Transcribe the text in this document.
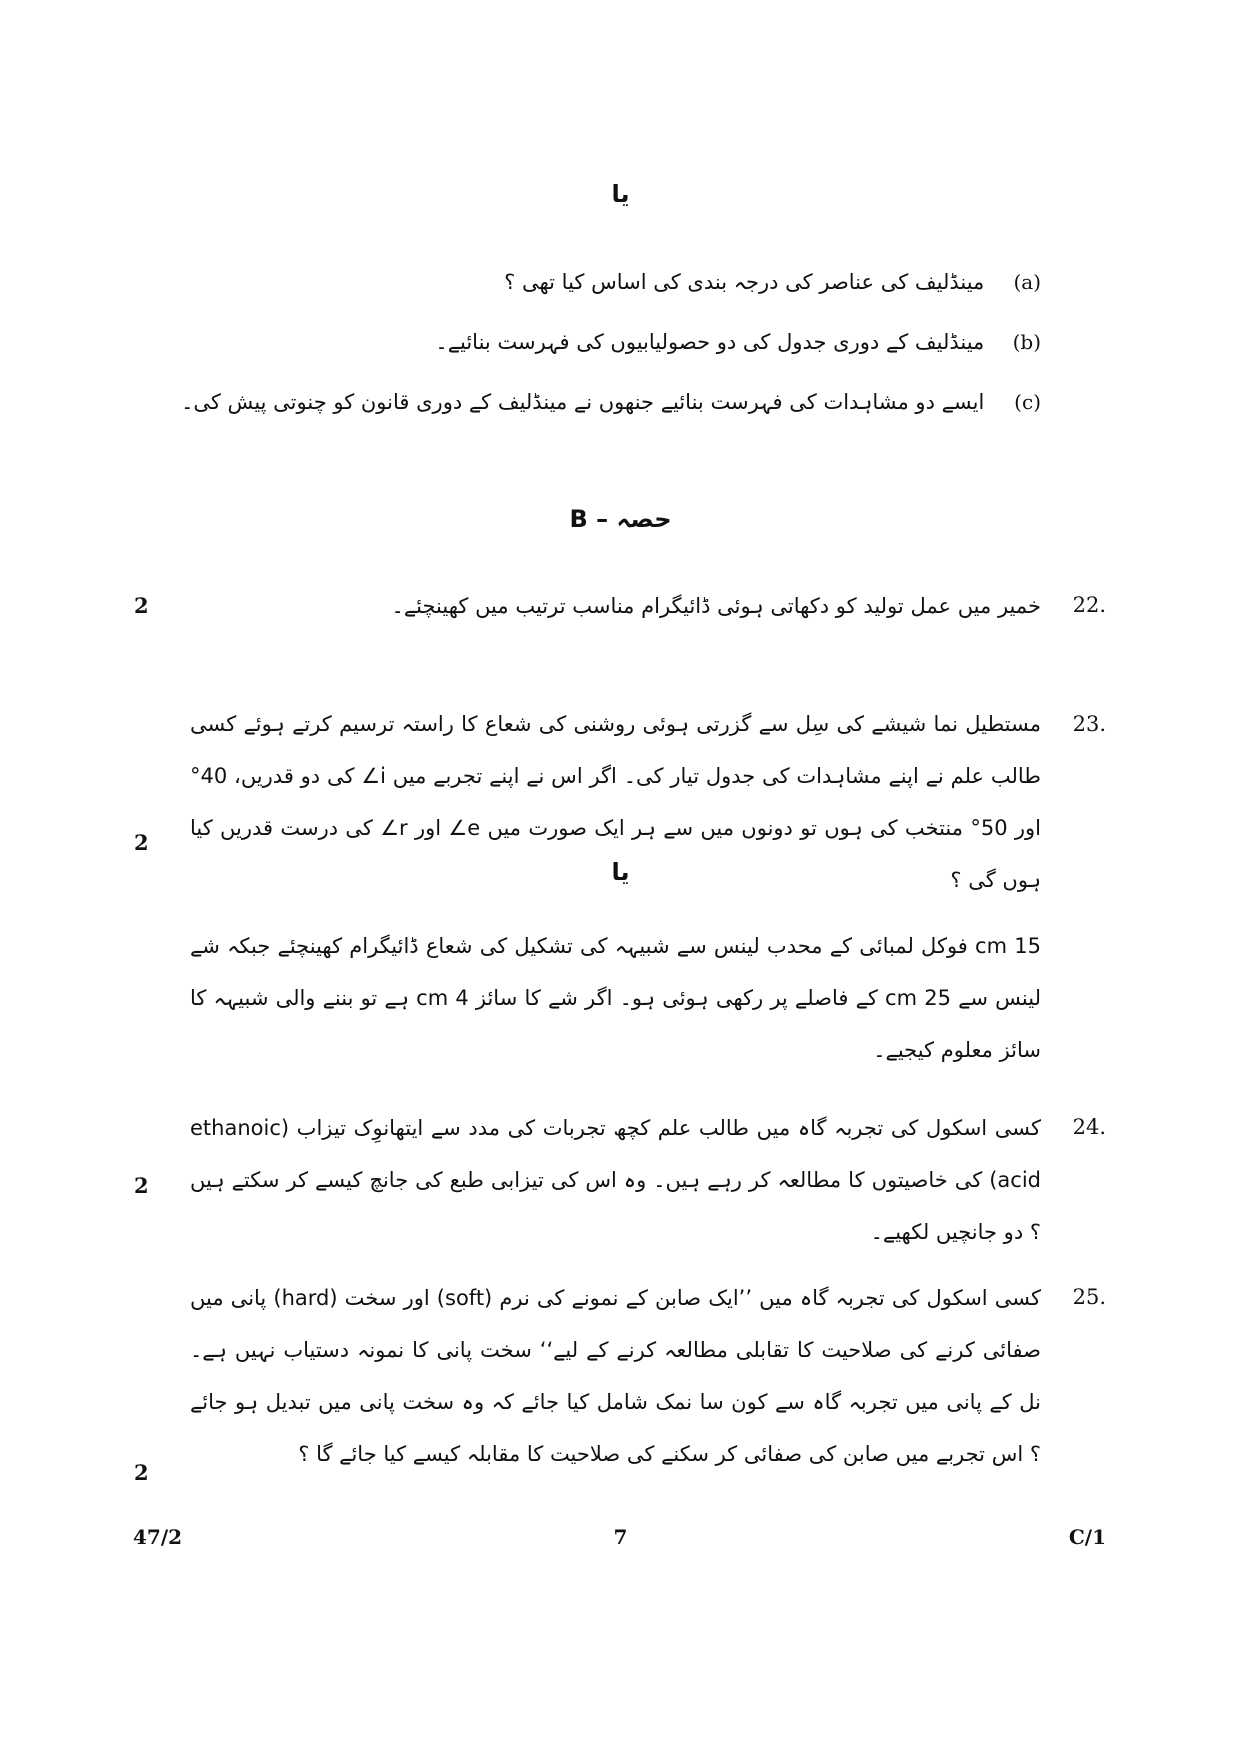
یا
(a) مینڈلیف کی عناصر کی درجہ بندی کی اساس کیا تھی ؟
(b) مینڈلیف کے دوری جدول کی دو حصولیابیوں کی فہرست بنائیے۔
(c) ایسے دو مشاہدات کی فہرست بنائیے جنھوں نے مینڈلیف کے دوری قانون کو چنوتی پیش کی۔
حصہ – B
22.
خمیر میں عمل تولید کو دکھاتی ہوئی ڈائیگرام مناسب ترتیب میں کھینچئے۔
2
23.
مستطیل نما شیشے کی سِل سے گزرتی ہوئی روشنی کی شعاع کا راستہ ترسیم کرتے ہوئے کسی طالب علم نے اپنے مشاہدات کی جدول تیار کی۔ اگر اس نے اپنے تجربے میں i∠ کی دو قدریں، 40° اور 50° منتخب کی ہوں تو دونوں میں سے ہر ایک صورت میں e∠ اور r∠ کی درست قدریں کیا ہوں گی ؟
2
یا
15 cm فوکل لمبائی کے محدب لینس سے شبیہہ کی تشکیل کی شعاع ڈائیگرام کھینچئے جبکہ شے لینس سے 25 cm کے فاصلے پر رکھی ہوئی ہو۔ اگر شے کا سائز 4 cm ہے تو بننے والی شبیہہ کا سائز معلوم کیجیے۔
24.
کسی اسکول کی تجربہ گاہ میں طالب علم کچھ تجربات کی مدد سے ایتھانوِک تیزاب (ethanoic acid) کی خاصیتوں کا مطالعہ کر رہے ہیں۔ وہ اس کی تیزابی طبع کی جانچ کیسے کر سکتے ہیں ؟ دو جانچیں لکھیے۔
2
25.
کسی اسکول کی تجربہ گاہ میں ’’ایک صابن کے نمونے کی نرم (soft) اور سخت (hard) پانی میں صفائی کرنے کی صلاحیت کا تقابلی مطالعہ کرنے کے لیے‘‘ سخت پانی کا نمونہ دستیاب نہیں ہے۔ نل کے پانی میں تجربہ گاہ سے کون سا نمک شامل کیا جائے کہ وہ سخت پانی میں تبدیل ہو جائے ؟ اس تجربے میں صابن کی صفائی کر سکنے کی صلاحیت کا مقابلہ کیسے کیا جائے گا ؟
2
47/2	7	C/1
